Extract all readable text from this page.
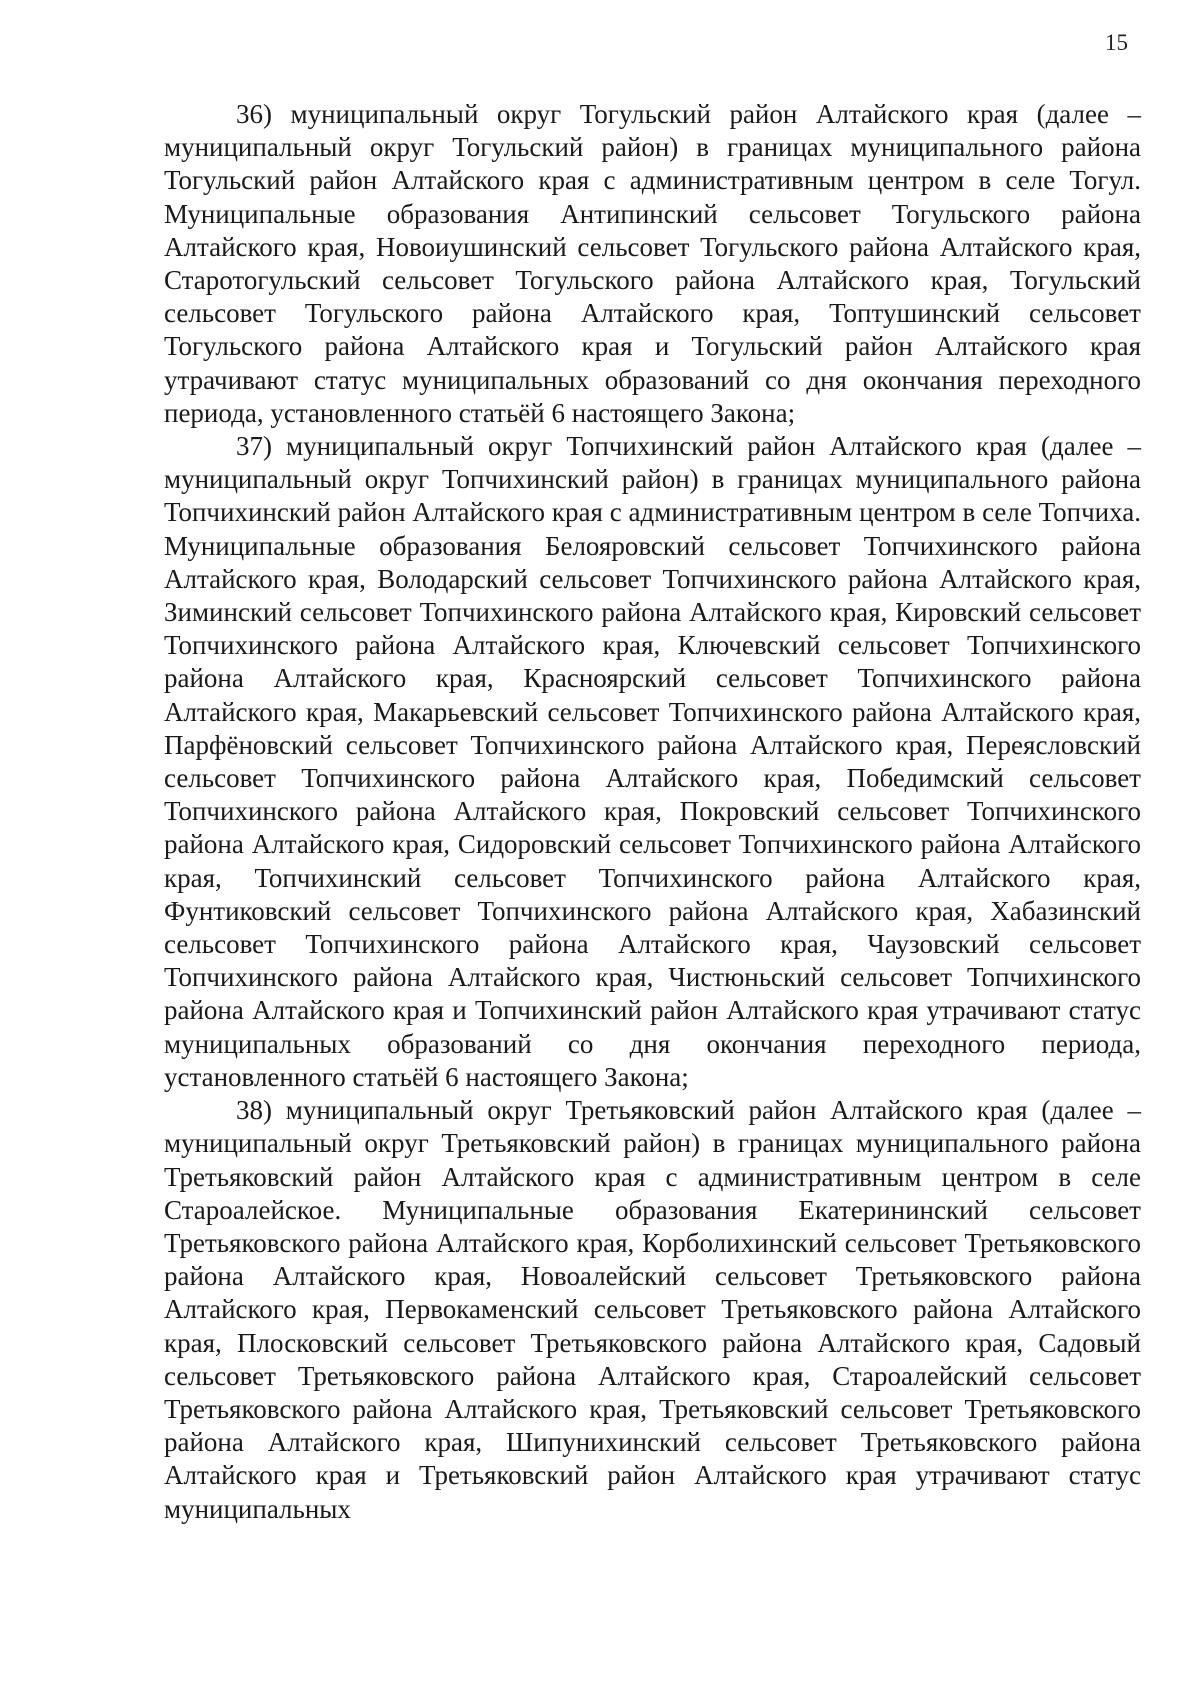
15

36) муниципальный округ Тогульский район Алтайского края (далее – муниципальный округ Тогульский район) в границах муниципального района Тогульский район Алтайского края с административным центром в селе Тогул. Муниципальные образования Антипинский сельсовет Тогульского района Алтайского края, Новоиушинский сельсовет Тогульского района Алтайского края, Старотогульский сельсовет Тогульского района Алтайского края, Тогульский сельсовет Тогульского района Алтайского края, Топтушинский сельсовет Тогульского района Алтайского края и Тогульский район Алтайского края утрачивают статус муниципальных образований со дня окончания переходного периода, установленного статьёй 6 настоящего Закона;

37) муниципальный округ Топчихинский район Алтайского края (далее – муниципальный округ Топчихинский район) в границах муниципального района Топчихинский район Алтайского края с административным центром в селе Топчиха. Муниципальные образования Белояровский сельсовет Топчихинского района Алтайского края, Володарский сельсовет Топчихинского района Алтайского края, Зиминский сельсовет Топчихинского района Алтайского края, Кировский сельсовет Топчихинского района Алтайского края, Ключевский сельсовет Топчихинского района Алтайского края, Красноярский сельсовет Топчихинского района Алтайского края, Макарьевский сельсовет Топчихинского района Алтайского края, Парфёновский сельсовет Топчихинского района Алтайского края, Переясловский сельсовет Топчихинского района Алтайского края, Победимский сельсовет Топчихинского района Алтайского края, Покровский сельсовет Топчихинского района Алтайского края, Сидоровский сельсовет Топчихинского района Алтайского края, Топчихинский сельсовет Топчихинского района Алтайского края, Фунтиковский сельсовет Топчихинского района Алтайского края, Хабазинский сельсовет Топчихинского района Алтайского края, Чаузовский сельсовет Топчихинского района Алтайского края, Чистюньский сельсовет Топчихинского района Алтайского края и Топчихинский район Алтайского края утрачивают статус муниципальных образований со дня окончания переходного периода, установленного статьёй 6 настоящего Закона;

38) муниципальный округ Третьяковский район Алтайского края (далее – муниципальный округ Третьяковский район) в границах муниципального района Третьяковский район Алтайского края с административным центром в селе Староалейское. Муниципальные образования Екатерининский сельсовет Третьяковского района Алтайского края, Корболихинский сельсовет Третьяковского района Алтайского края, Новоалейский сельсовет Третьяковского района Алтайского края, Первокаменский сельсовет Третьяковского района Алтайского края, Плосковский сельсовет Третьяковского района Алтайского края, Садовый сельсовет Третьяковского района Алтайского края, Староалейский сельсовет Третьяковского района Алтайского края, Третьяковский сельсовет Третьяковского района Алтайского края, Шипунихинский сельсовет Третьяковского района Алтайского края и Третьяковский район Алтайского края утрачивают статус муниципальных
